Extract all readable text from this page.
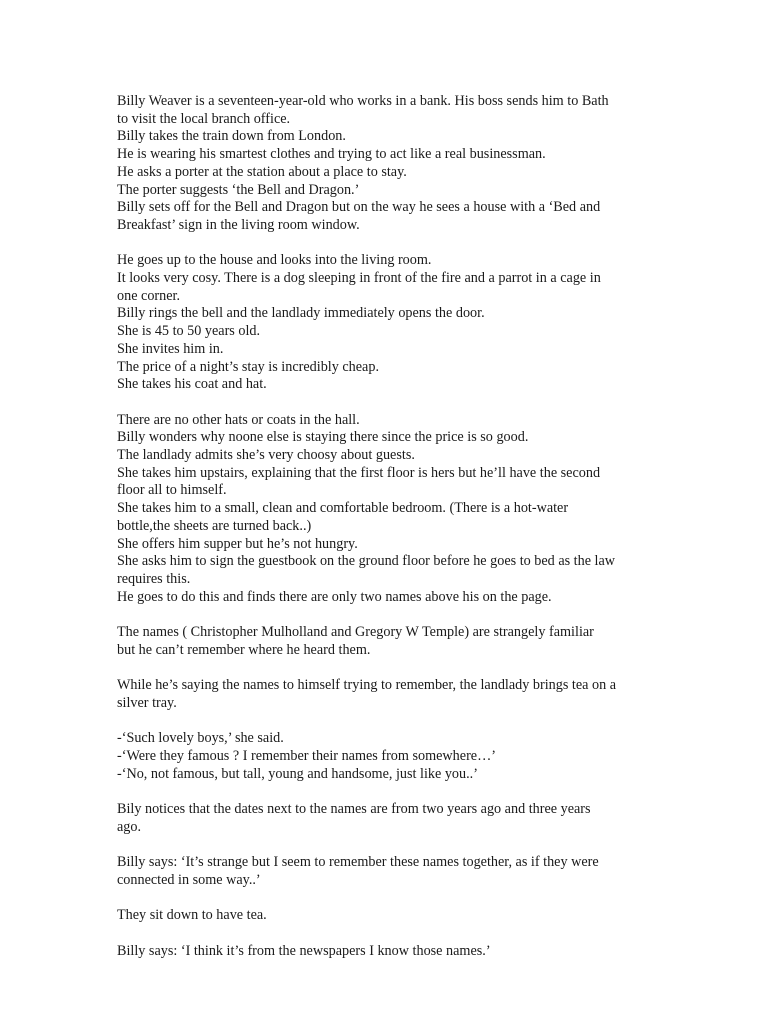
Billy Weaver is a seventeen-year-old who works in a bank. His boss sends him to Bath
to visit the local branch office.
Billy takes the train down from London.
He is wearing his smartest clothes and trying to act like a real businessman.
He asks a porter at the station about a place to stay.
The porter suggests ‘the Bell and Dragon.’
Billy sets off for the Bell and Dragon but on the way he sees a house with a ‘Bed and
Breakfast’ sign in the living room window.
He goes up to the house and looks into the living room.
It looks very cosy. There is a dog sleeping in front of the fire and a parrot in a cage in
one corner.
Billy rings the bell and the landlady immediately opens the door.
She is 45 to 50 years old.
She invites him in.
The price of a night’s stay is incredibly cheap.
She takes his coat and hat.
There are no other hats or coats in the hall.
Billy wonders why noone else is staying there since the price is so good.
The landlady admits she’s very choosy about guests.
She takes him upstairs, explaining that the first floor is hers but he’ll have the second
floor all to himself.
She takes him to a small, clean and comfortable bedroom. (There is a hot-water
bottle,the sheets are turned back..)
She offers him supper but he’s not hungry.
She asks him to sign the guestbook on the ground floor before he goes to bed as the law
requires this.
He goes to do this and finds there are only two names above his on the page.
The names ( Christopher Mulholland and Gregory W Temple) are strangely familiar
but he can’t remember where he heard them.
While he’s saying the names to himself trying to remember, the landlady brings tea on a
silver tray.
-‘Such lovely boys,’ she said.
-‘Were they famous ? I remember their names from somewhere…’
-‘No, not famous, but tall, young and handsome, just like you..’
Bily notices that the dates next to the names are from two years ago and three years
ago.
Billy says: ‘It’s strange but I seem to remember these names together, as if they were
connected in some way..’
They sit down to have tea.
Billy says: ‘I think it’s from the newspapers I know those names.’
